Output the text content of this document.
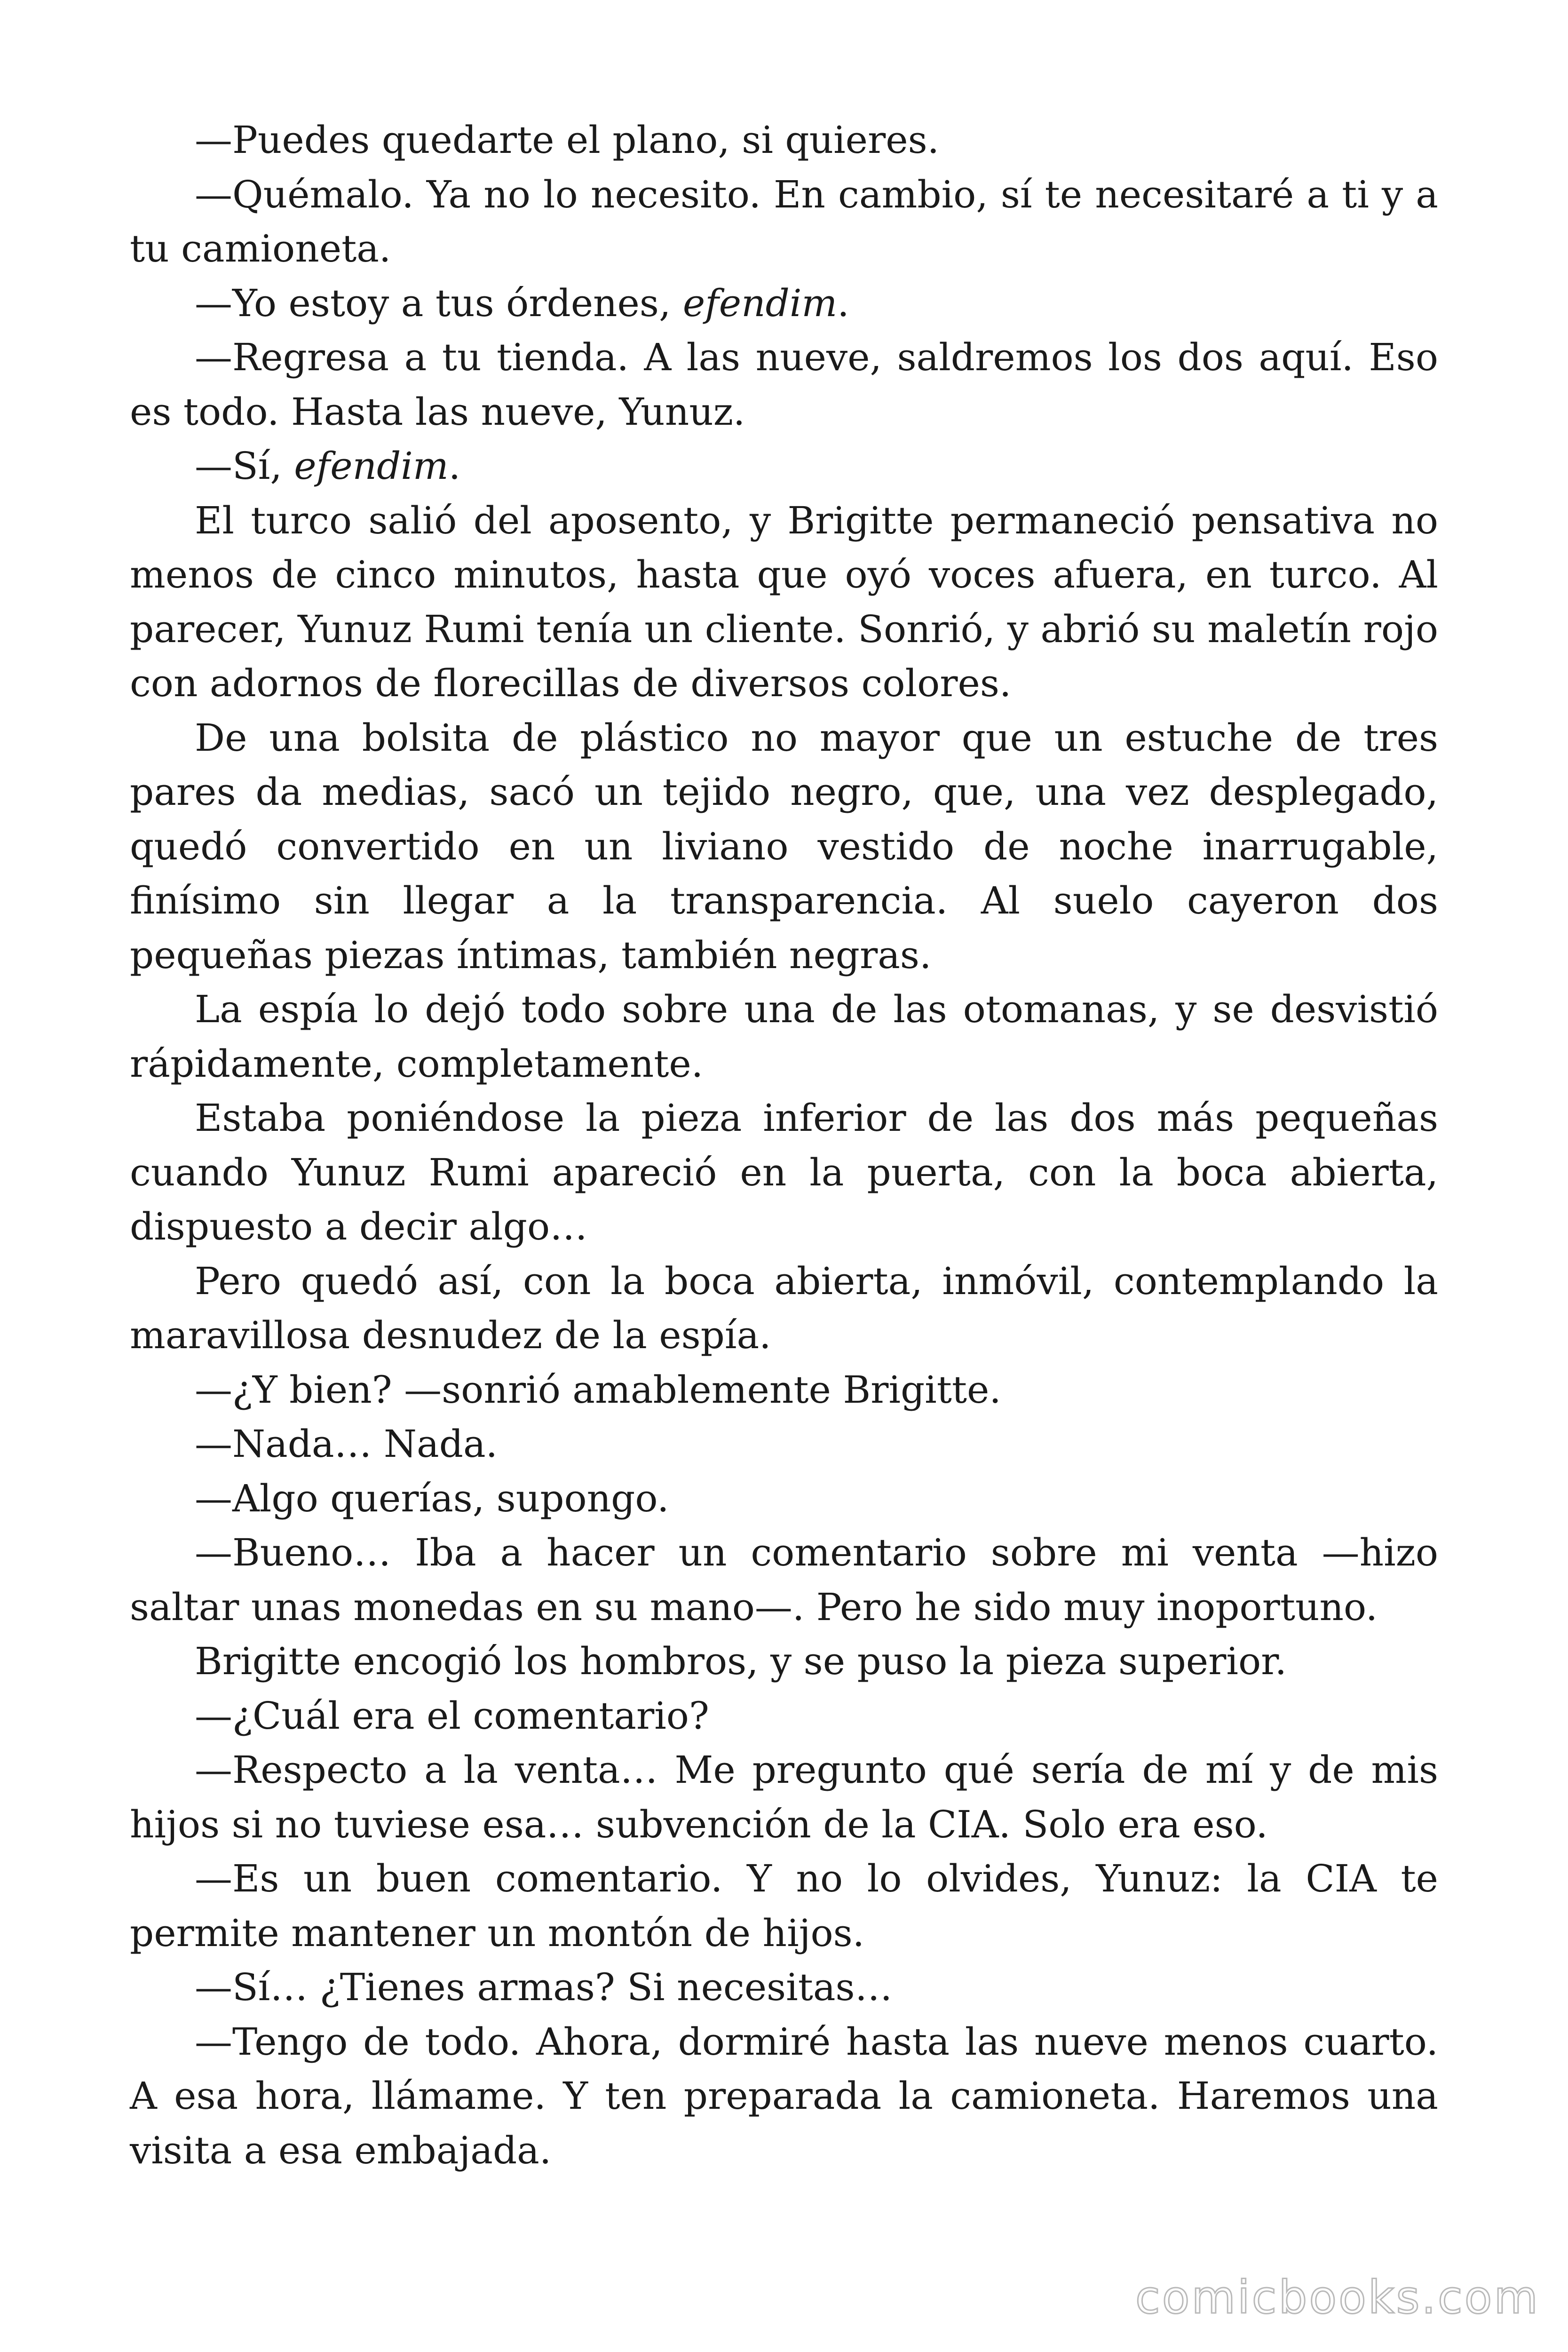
—Puedes quedarte el plano, si quieres.

—Quémalo. Ya no lo necesito. En cambio, sí te necesitaré a ti y a tu camioneta.

—Yo estoy a tus órdenes, efendim.

—Regresa a tu tienda. A las nueve, saldremos los dos aquí. Eso es todo. Hasta las nueve, Yunuz.

—Sí, efendim.

El turco salió del aposento, y Brigitte permaneció pensativa no menos de cinco minutos, hasta que oyó voces afuera, en turco. Al parecer, Yunuz Rumi tenía un cliente. Sonrió, y abrió su maletín rojo con adornos de florecillas de diversos colores.

De una bolsita de plástico no mayor que un estuche de tres pares da medias, sacó un tejido negro, que, una vez desplegado, quedó convertido en un liviano vestido de noche inarrugable, finísimo sin llegar a la transparencia. Al suelo cayeron dos pequeñas piezas íntimas, también negras.

La espía lo dejó todo sobre una de las otomanas, y se desvistió rápidamente, completamente.

Estaba poniéndose la pieza inferior de las dos más pequeñas cuando Yunuz Rumi apareció en la puerta, con la boca abierta, dispuesto a decir algo…

Pero quedó así, con la boca abierta, inmóvil, contemplando la maravillosa desnudez de la espía.

—¿Y bien? —sonrió amablemente Brigitte.

—Nada… Nada.

—Algo querías, supongo.

—Bueno… Iba a hacer un comentario sobre mi venta —hizo saltar unas monedas en su mano—. Pero he sido muy inoportuno.

Brigitte encogió los hombros, y se puso la pieza superior.

—¿Cuál era el comentario?

—Respecto a la venta… Me pregunto qué sería de mí y de mis hijos si no tuviese esa… subvención de la CIA. Solo era eso.

—Es un buen comentario. Y no lo olvides, Yunuz: la CIA te permite mantener un montón de hijos.

—Sí… ¿Tienes armas? Si necesitas…

—Tengo de todo. Ahora, dormiré hasta las nueve menos cuarto. A esa hora, llámame. Y ten preparada la camioneta. Haremos una visita a esa embajada.

comicbooks.com
